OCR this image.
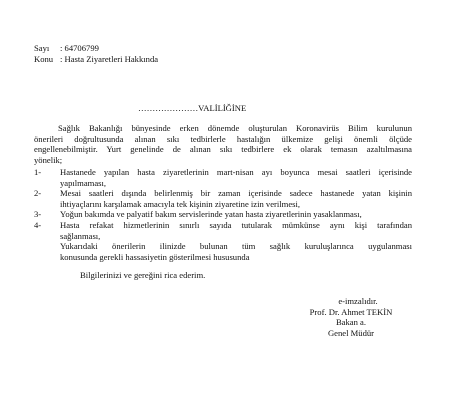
Sayı : 64706799
Konu : Hasta Ziyaretleri Hakkında
…………………VALİLİĞİNE
Sağlık Bakanlığı bünyesinde erken dönemde oluşturulan Koronavirüs Bilim kurulunun
önerileri doğrultusunda alınan sıkı tedbirlerle hastalığın ülkemize gelişi önemli ölçüde
engellenebilmiştir. Yurt genelinde de alınan sıkı tedbirlere ek olarak temasın azaltılmasına
yönelik;
1- Hastanede yapılan hasta ziyaretlerinin mart-nisan ayı boyunca mesai saatleri içerisinde
yapılmaması,
2- Mesai saatleri dışında belirlenmiş bir zaman içerisinde sadece hastanede yatan kişinin
ihtiyaçlarını karşılamak amacıyla tek kişinin ziyaretine izin verilmesi,
3- Yoğun bakımda ve palyatif bakım servislerinde yatan hasta ziyaretlerinin yasaklanması,
4- Hasta refakat hizmetlerinin sınırlı sayıda tutularak mümkünse aynı kişi tarafından
sağlanması,
Yukarıdaki önerilerin ilinizde bulunan tüm sağlık kuruluşlarınca uygulanması
konusunda gerekli hassasiyetin gösterilmesi hususunda
Bilgilerinizi ve gereğini rica ederim.
e-imzalıdır.
Prof. Dr. Ahmet TEKİN
Bakan a.
Genel Müdür
